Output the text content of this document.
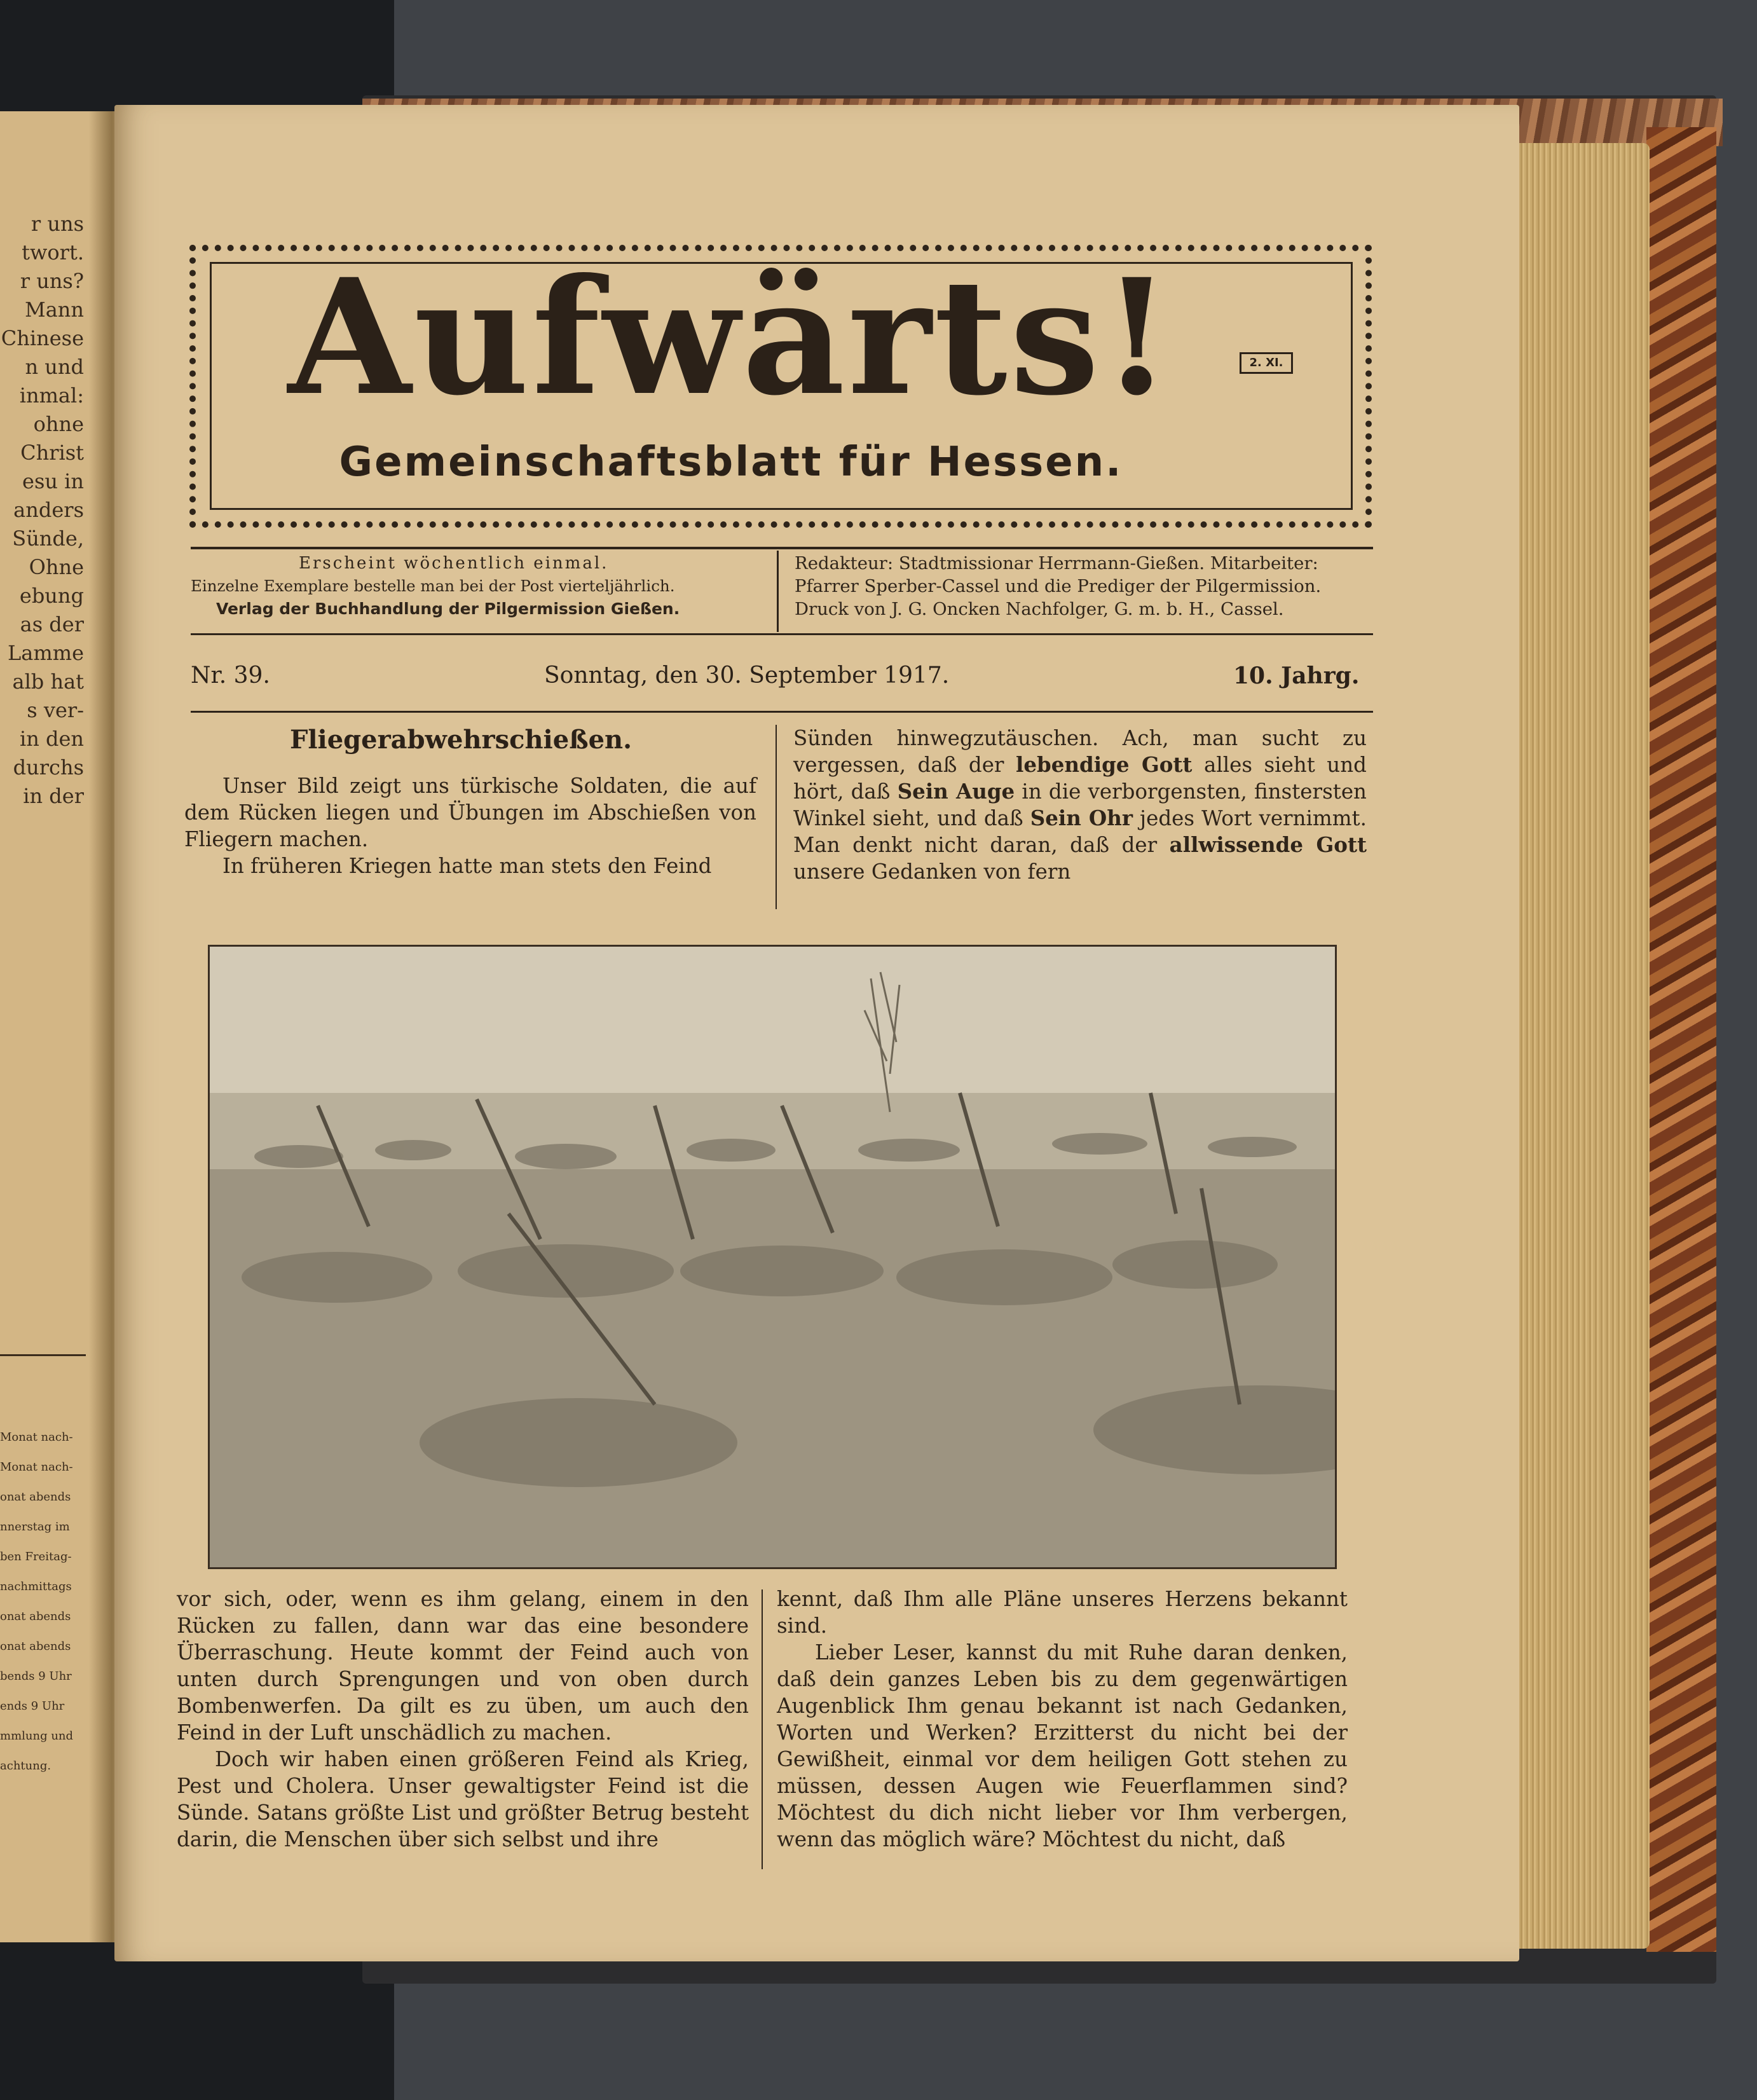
r uns
twort.
r uns?
Mann
Chinese
n und
inmal:
ohne
Christ
esu in
anders
Sünde,
Ohne
ebung
as der
Lamme
alb hat
s ver-
in den
durchs
in der
Monat nach-
Monat nach-
onat abends
nnerstag im
ben Freitag-
nachmittags
onat abends
onat abends
bends 9 Uhr
ends 9 Uhr
mmlung und
achtung.
Aufwärts!
Gemeinschaftsblatt für Hessen.
2. XI.
Erscheint wöchentlich einmal.
Einzelne Exemplare bestelle man bei der Post vierteljährlich.
Verlag der Buchhandlung der Pilgermission Gießen.
Redakteur: Stadtmissionar Herrmann-Gießen. Mitarbeiter:
Pfarrer Sperber-Cassel und die Prediger der Pilgermission.
Druck von J. G. Oncken Nachfolger, G. m. b. H., Cassel.
Nr. 39.	Sonntag, den 30. September 1917.	10. Jahrg.
Fliegerabwehrschießen.

Unser Bild zeigt uns türkische Soldaten, die auf dem Rücken liegen und Übungen im Abschießen von Fliegern machen.

In früheren Kriegen hatte man stets den Feind

Sünden hinwegzutäuschen. Ach, man sucht zu vergessen, daß der lebendige Gott alles sieht und hört, daß Sein Auge in die verborgensten, finstersten Winkel sieht, und daß Sein Ohr jedes Wort vernimmt. Man denkt nicht daran, daß der allwissende Gott unsere Gedanken von fern

vor sich, oder, wenn es ihm gelang, einem in den Rücken zu fallen, dann war das eine besondere Überraschung. Heute kommt der Feind auch von unten durch Sprengungen und von oben durch Bombenwerfen. Da gilt es zu üben, um auch den Feind in der Luft unschädlich zu machen.

Doch wir haben einen größeren Feind als Krieg, Pest und Cholera. Unser gewaltigster Feind ist die Sünde. Satans größte List und größter Betrug besteht darin, die Menschen über sich selbst und ihre

kennt, daß Ihm alle Pläne unseres Herzens bekannt sind.

Lieber Leser, kannst du mit Ruhe daran denken, daß dein ganzes Leben bis zu dem gegenwärtigen Augenblick Ihm genau bekannt ist nach Gedanken, Worten und Werken? Erzitterst du nicht bei der Gewißheit, einmal vor dem heiligen Gott stehen zu müssen, dessen Augen wie Feuerflammen sind? Möchtest du dich nicht lieber vor Ihm verbergen, wenn das möglich wäre? Möchtest du nicht, daß
